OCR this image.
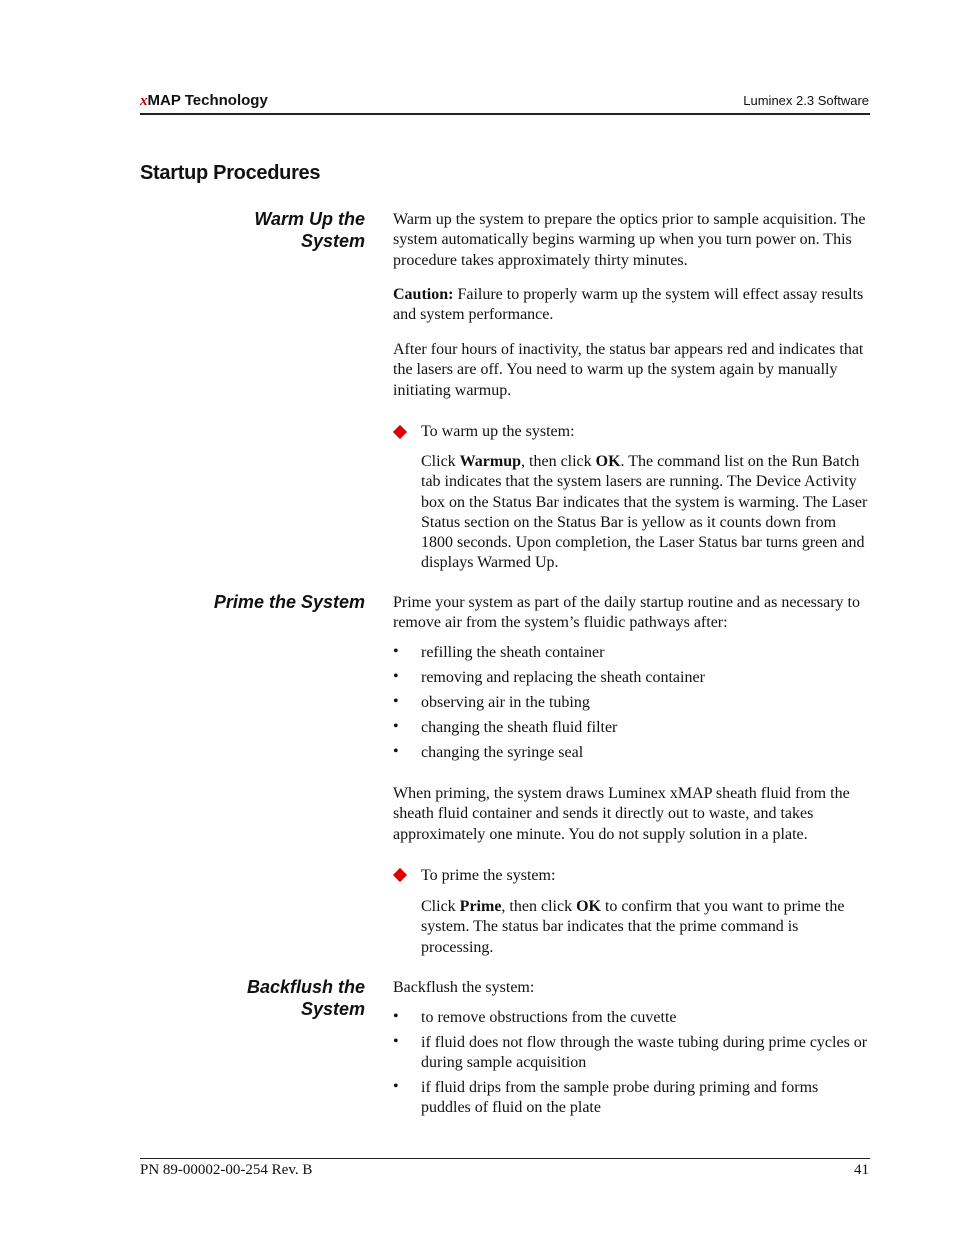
xMAP Technology	Luminex 2.3 Software
Startup Procedures
Warm Up the
System

Warm up the system to prepare the optics prior to sample acquisition. The system automatically begins warming up when you turn power on. This procedure takes approximately thirty minutes.

Caution: Failure to properly warm up the system will effect assay results and system performance.

After four hours of inactivity, the status bar appears red and indicates that the lasers are off. You need to warm up the system again by manually initiating warmup.

To warm up the system:
Click Warmup, then click OK. The command list on the Run Batch tab indicates that the system lasers are running. The Device Activity box on the Status Bar indicates that the system is warming. The Laser Status section on the Status Bar is yellow as it counts down from 1800 seconds. Upon completion, the Laser Status bar turns green and displays Warmed Up.
Prime the System Prime your system as part of the daily startup routine and as necessary to remove air from the system’s fluidic pathways after:

• refilling the sheath container
• removing and replacing the sheath container
• observing air in the tubing
• changing the sheath fluid filter
• changing the syringe seal

When priming, the system draws Luminex xMAP sheath fluid from the sheath fluid container and sends it directly out to waste, and takes approximately one minute. You do not supply solution in a plate.

To prime the system:
Click Prime, then click OK to confirm that you want to prime the system. The status bar indicates that the prime command is processing.
Backflush the
System
Backflush the system:
• to remove obstructions from the cuvette
• if fluid does not flow through the waste tubing during prime cycles or during sample acquisition
• if fluid drips from the sample probe during priming and forms puddles of fluid on the plate
PN 89-00002-00-254 Rev. B	41
